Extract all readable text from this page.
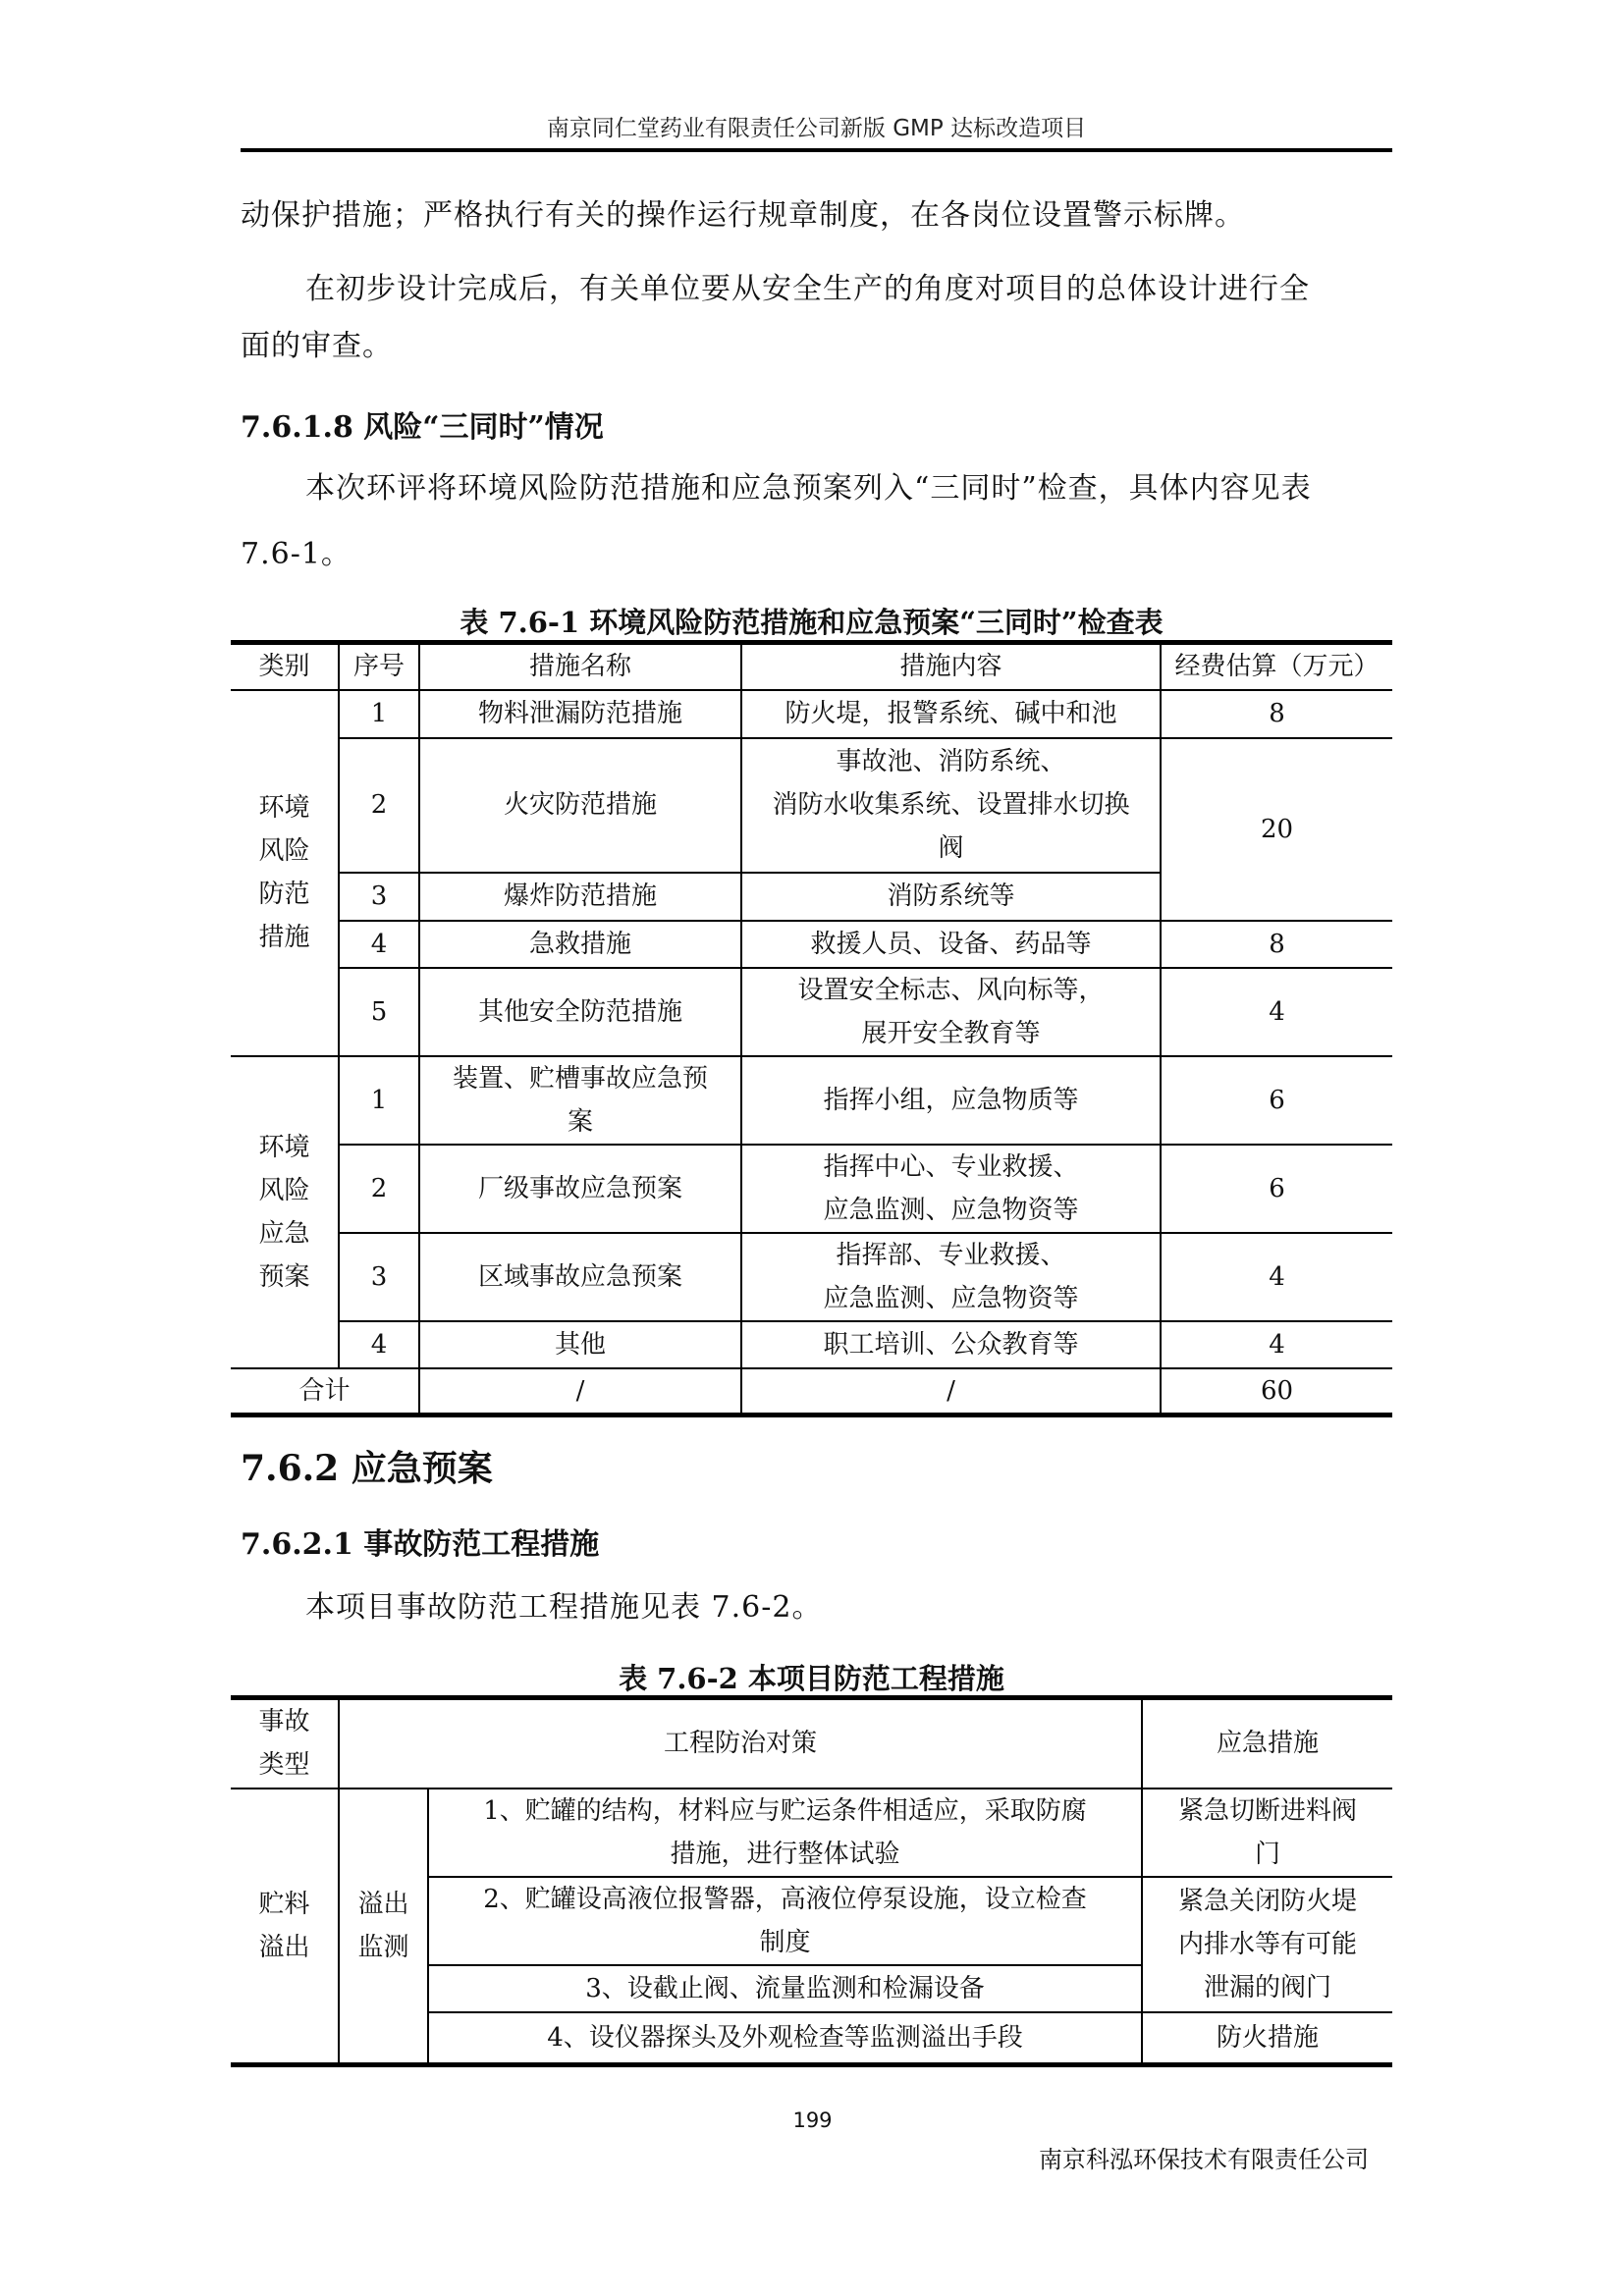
南京同仁堂药业有限责任公司新版 GMP 达标改造项目
动保护措施；严格执行有关的操作运行规章制度，在各岗位设置警示标牌。
在初步设计完成后，有关单位要从安全生产的角度对项目的总体设计进行全
面的审查。
7.6.1.8 风险“三同时”情况
本次环评将环境风险防范措施和应急预案列入“三同时”检查，具体内容见表
7.6-1。
表 7.6-1 环境风险防范措施和应急预案“三同时”检查表
类别	序号	措施名称	措施内容	经费估算（万元）
环境
风险
防范
措施	1	物料泄漏防范措施	防火堤，报警系统、碱中和池	8
	2	火灾防范措施	事故池、消防系统、
消防水收集系统、设置排水切换
阀	20
	3	爆炸防范措施	消防系统等	
	4	急救措施	救援人员、设备、药品等	8
	5	其他安全防范措施	设置安全标志、风向标等，
展开安全教育等	4
环境
风险
应急
预案	1	装置、贮槽事故应急预
案	指挥小组，应急物质等	6
	2	厂级事故应急预案	指挥中心、专业救援、
应急监测、应急物资等	6
	3	区域事故应急预案	指挥部、专业救援、
应急监测、应急物资等	4
	4	其他	职工培训、公众教育等	4
合计		/	/	60
7.6.2 应急预案
7.6.2.1 事故防范工程措施
本项目事故防范工程措施见表 7.6-2。
表 7.6-2 本项目防范工程措施
事故
类型	工程防治对策		应急措施
贮料
溢出	溢出
监测	1、贮罐的结构，材料应与贮运条件相适应，采取防腐
措施，进行整体试验	紧急切断进料阀
门
		2、贮罐设高液位报警器，高液位停泵设施，设立检查
制度	紧急关闭防火堤
内排水等有可能
泄漏的阀门
		3、设截止阀、流量监测和检漏设备	
		4、设仪器探头及外观检查等监测溢出手段	防火措施
199
南京科泓环保技术有限责任公司
